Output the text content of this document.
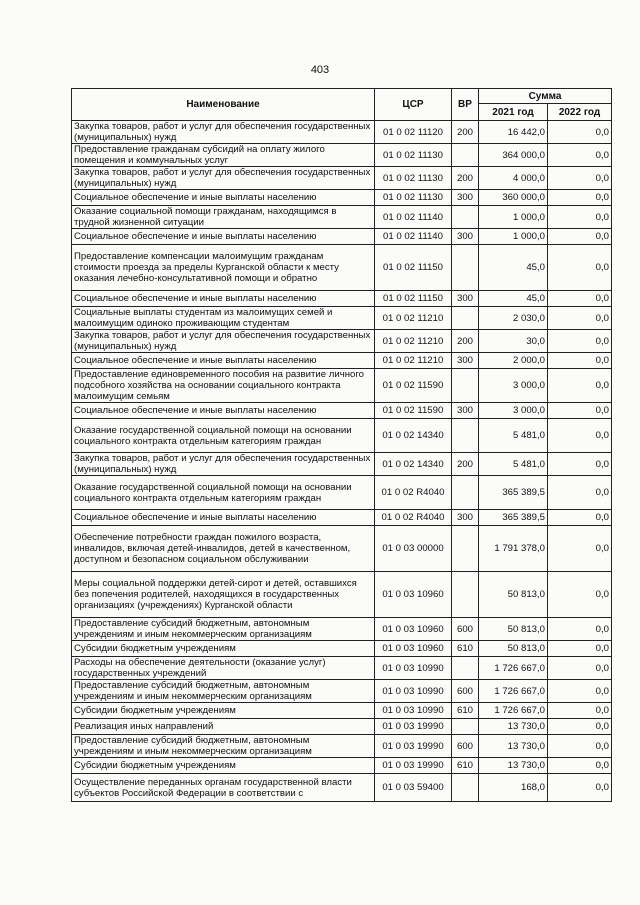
403
Наименование	ЦСР	ВР	Сумма	
			2021 год	2022 год
Закупка товаров, работ и услуг для обеспечения государственных (муниципальных) нужд	01 0 02 11120	200	16 442,0	0,0
Предоставление гражданам субсидий на оплату жилого помещения и коммунальных услуг	01 0 02 11130		364 000,0	0,0
Закупка товаров, работ и услуг для обеспечения государственных (муниципальных) нужд	01 0 02 11130	200	4 000,0	0,0
Социальное обеспечение и иные выплаты населению	01 0 02 11130	300	360 000,0	0,0
Оказание социальной помощи гражданам, находящимся в трудной жизненной ситуации	01 0 02 11140		1 000,0	0,0
Социальное обеспечение и иные выплаты населению	01 0 02 11140	300	1 000,0	0,0
Предоставление компенсации малоимущим гражданам стоимости проезда за пределы Курганской области к месту оказания лечебно-консультативной помощи и обратно	01 0 02 11150		45,0	0,0
Социальное обеспечение и иные выплаты населению	01 0 02 11150	300	45,0	0,0
Социальные выплаты студентам из малоимущих семей и малоимущим одиноко проживающим студентам	01 0 02 11210		2 030,0	0,0
Закупка товаров, работ и услуг для обеспечения государственных (муниципальных) нужд	01 0 02 11210	200	30,0	0,0
Социальное обеспечение и иные выплаты населению	01 0 02 11210	300	2 000,0	0,0
Предоставление единовременного пособия на развитие личного подсобного хозяйства на основании социального контракта малоимущим семьям	01 0 02 11590		3 000,0	0,0
Социальное обеспечение и иные выплаты населению	01 0 02 11590	300	3 000,0	0,0
Оказание государственной социальной помощи на основании социального контракта отдельным категориям граждан	01 0 02 14340		5 481,0	0,0
Закупка товаров, работ и услуг для обеспечения государственных (муниципальных) нужд	01 0 02 14340	200	5 481,0	0,0
Оказание государственной социальной помощи на основании социального контракта отдельным категориям граждан	01 0 02 R4040		365 389,5	0,0
Социальное обеспечение и иные выплаты населению	01 0 02 R4040	300	365 389,5	0,0
Обеспечение потребности граждан пожилого возраста, инвалидов, включая детей-инвалидов, детей в качественном, доступном и безопасном социальном обслуживании	01 0 03 00000		1 791 378,0	0,0
Меры социальной поддержки детей-сирот и детей, оставшихся без попечения родителей, находящихся в государственных организациях (учреждениях) Курганской области	01 0 03 10960		50 813,0	0,0
Предоставление субсидий бюджетным, автономным учреждениям и иным некоммерческим организациям	01 0 03 10960	600	50 813,0	0,0
Субсидии бюджетным учреждениям	01 0 03 10960	610	50 813,0	0,0
Расходы на обеспечение деятельности (оказание услуг) государственных учреждений	01 0 03 10990		1 726 667,0	0,0
Предоставление субсидий бюджетным, автономным учреждениям и иным некоммерческим организациям	01 0 03 10990	600	1 726 667,0	0,0
Субсидии бюджетным учреждениям	01 0 03 10990	610	1 726 667,0	0,0
Реализация иных направлений	01 0 03 19990		13 730,0	0,0
Предоставление субсидий бюджетным, автономным учреждениям и иным некоммерческим организациям	01 0 03 19990	600	13 730,0	0,0
Субсидии бюджетным учреждениям	01 0 03 19990	610	13 730,0	0,0
Осуществление переданных органам государственной власти субъектов Российской Федерации в соответствии с	01 0 03 59400		168,0	0,0
